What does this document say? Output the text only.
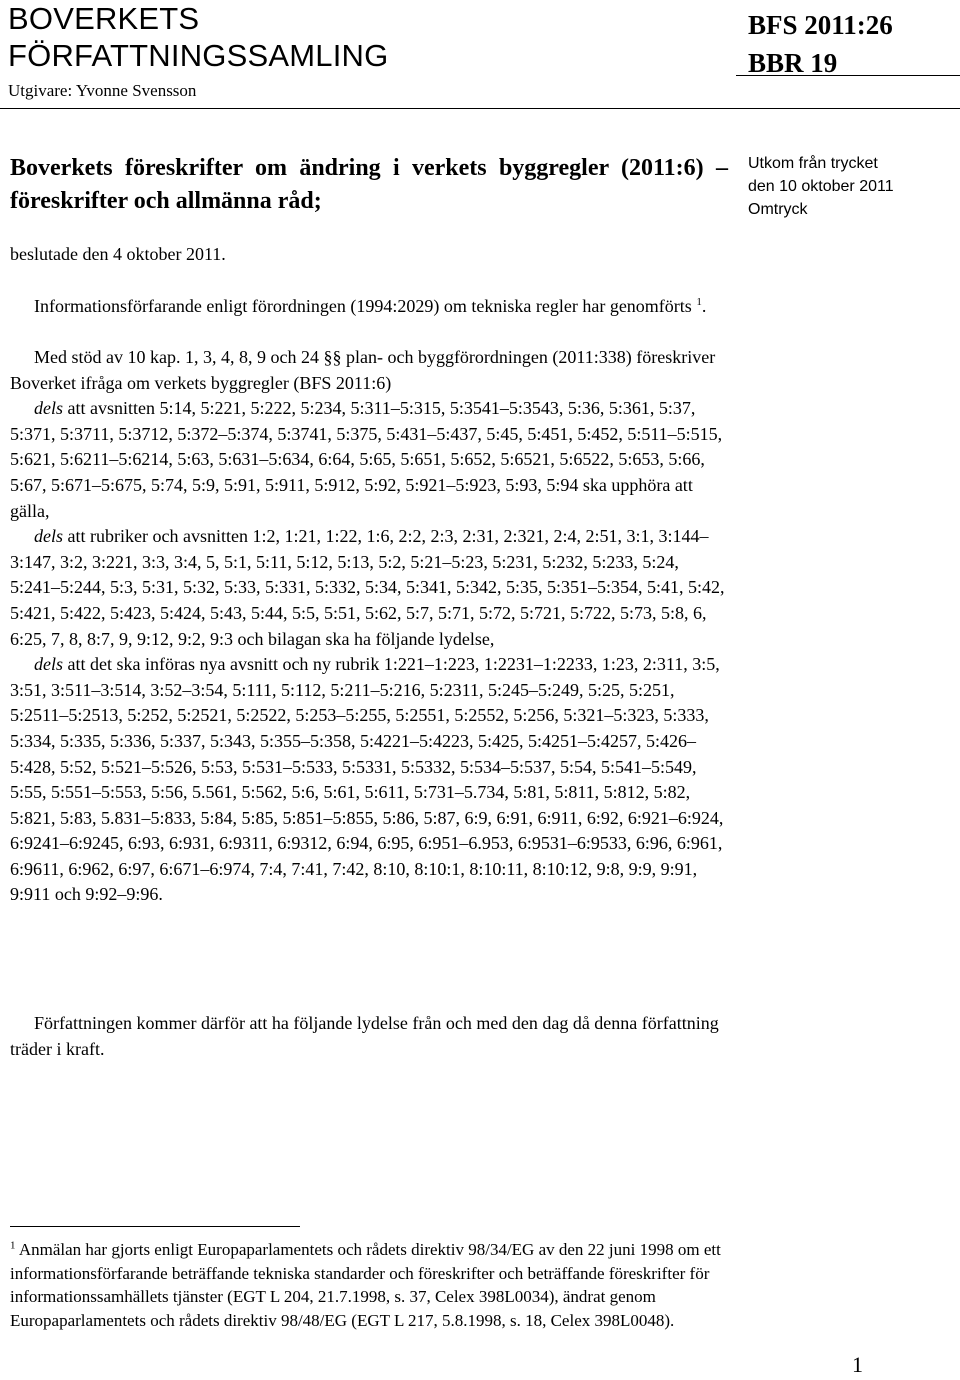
BOVERKETS
FÖRFATTNINGSSAMLING
Utgivare: Yvonne Svensson
BFS 2011:26
BBR 19
Boverkets föreskrifter om ändring i verkets byggregler (2011:6) – föreskrifter och allmänna råd;
Utkom från trycket
den 10 oktober 2011
Omtryck
beslutade den 4 oktober 2011.

Informationsförfarande enligt förordningen (1994:2029) om tekniska regler har genomförts $^1$.

Med stöd av 10 kap. 1, 3, 4, 8, 9 och 24 §§ plan- och byggförordningen (2011:338) föreskriver Boverket ifråga om verkets byggregler (BFS 2011:6)

dels att avsnitten 5:14, 5:221, 5:222, 5:234, 5:311–5:315, 5:3541–5:3543, 5:36, 5:361, 5:37, 5:371, 5:3711, 5:3712, 5:372–5:374, 5:3741, 5:375, 5:431–5:437, 5:45, 5:451, 5:452, 5:511–5:515, 5:621, 5:6211–5:6214, 5:63, 5:631–5:634, 6:64, 5:65, 5:651, 5:652, 5:6521, 5:6522, 5:653, 5:66, 5:67, 5:671–5:675, 5:74, 5:9, 5:91, 5:911, 5:912, 5:92, 5:921–5:923, 5:93, 5:94 ska upphöra att gälla,

dels att rubriker och avsnitten 1:2, 1:21, 1:22, 1:6, 2:2, 2:3, 2:31, 2:321, 2:4, 2:51, 3:1, 3:144–3:147, 3:2, 3:221, 3:3, 3:4, 5, 5:1, 5:11, 5:12, 5:13, 5:2, 5:21–5:23, 5:231, 5:232, 5:233, 5:24, 5:241–5:244, 5:3, 5:31, 5:32, 5:33, 5:331, 5:332, 5:34, 5:341, 5:342, 5:35, 5:351–5:354, 5:41, 5:42, 5:421, 5:422, 5:423, 5:424, 5:43, 5:44, 5:5, 5:51, 5:62, 5:7, 5:71, 5:72, 5:721, 5:722, 5:73, 5:8, 6, 6:25, 7, 8, 8:7, 9, 9:12, 9:2, 9:3 och bilagan ska ha följande lydelse,

dels att det ska införas nya avsnitt och ny rubrik 1:221–1:223, 1:2231–1:2233, 1:23, 2:311, 3:5, 3:51, 3:511–3:514, 3:52–3:54, 5:111, 5:112, 5:211–5:216, 5:2311, 5:245–5:249, 5:25, 5:251, 5:2511–5:2513, 5:252, 5:2521, 5:2522, 5:253–5:255, 5:2551, 5:2552, 5:256, 5:321–5:323, 5:333, 5:334, 5:335, 5:336, 5:337, 5:343, 5:355–5:358, 5:4221–5:4223, 5:425, 5:4251–5:4257, 5:426–5:428, 5:52, 5:521–5:526, 5:53, 5:531–5:533, 5:5331, 5:5332, 5:534–5:537, 5:54, 5:541–5:549, 5:55, 5:551–5:553, 5:56, 5.561, 5:562, 5:6, 5:61, 5:611, 5:731–5.734, 5:81, 5:811, 5:812, 5:82, 5:821, 5:83, 5.831–5:833, 5:84, 5:85, 5:851–5:855, 5:86, 5:87, 6:9, 6:91, 6:911, 6:92, 6:921–6:924, 6:9241–6:9245, 6:93, 6:931, 6:9311, 6:9312, 6:94, 6:95, 6:951–6.953, 6:9531–6:9533, 6:96, 6:961, 6:9611, 6:962, 6:97, 6:671–6:974, 7:4, 7:41, 7:42, 8:10, 8:10:1, 8:10:11, 8:10:12, 9:8, 9:9, 9:91, 9:911 och 9:92–9:96.

Författningen kommer därför att ha följande lydelse från och med den dag då denna författning träder i kraft.

$^1$ Anmälan har gjorts enligt Europaparlamentets och rådets direktiv 98/34/EG av den 22 juni 1998 om ett informationsförfarande beträffande tekniska standarder och föreskrifter och beträffande föreskrifter för informationssamhällets tjänster (EGT L 204, 21.7.1998, s. 37, Celex 398L0034), ändrat genom Europaparlamentets och rådets direktiv 98/48/EG (EGT L 217, 5.8.1998, s. 18, Celex 398L0048).
1
